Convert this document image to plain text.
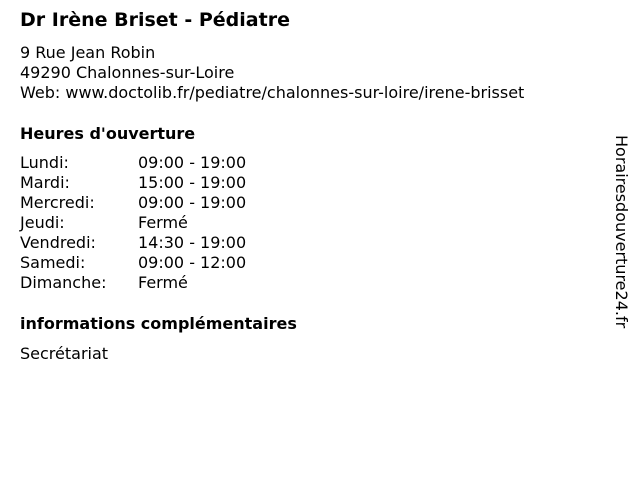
Dr Irène Briset - Pédiatre
9 Rue Jean Robin
49290 Chalonnes-sur-Loire
Web: www.doctolib.fr/pediatre/chalonnes-sur-loire/irene-brisset
Heures d'ouverture
Lundi:	09:00 - 19:00
Mardi:	15:00 - 19:00
Mercredi:	09:00 - 19:00
Jeudi:	Fermé
Vendredi:	14:30 - 19:00
Samedi:	09:00 - 12:00
Dimanche: Fermé
informations complémentaires
Secrétariat
Horairesdouverture24.fr
